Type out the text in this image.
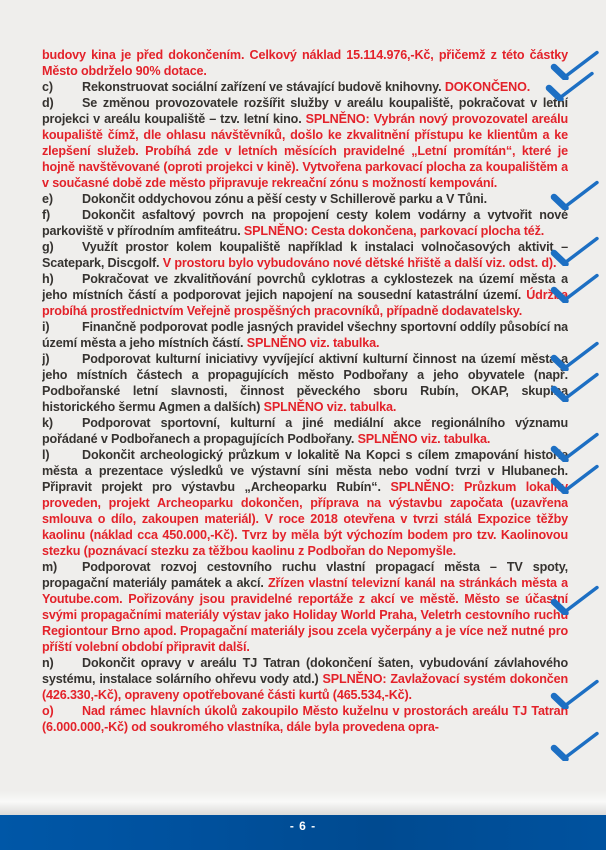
budovy kina je před dokončením. Celkový náklad 15.114.976,-Kč, přičemž z této částky Město obdrželo 90% dotace.

c) Rekonstruovat sociální zařízení ve stávající budově knihovny. DOKONČENO.

d) Se změnou provozovatele rozšířit služby v areálu koupaliště, pokračovat v letní projekci v areálu koupaliště – tzv. letní kino. SPLNĚNO: Vybrán nový provozovatel areálu koupaliště čímž, dle ohlasu návštěvníků, došlo ke zkvalitnění přístupu ke klientům a ke zlepšení služeb. Probíhá zde v letních měsících pravidelné „Letní promítán“, které je hojně navštěvované (oproti projekci v kině). Vytvořena parkovací plocha za koupalištěm a v současné době zde město připravuje rekreační zónu s možností kempování.

e) Dokončit oddychovou zónu a pěší cesty v Schillerově parku a V Tůni.

f)	Dokončit asfaltový povrch na propojení cesty kolem vodárny a vytvořit nové parkoviště v přírodním amfiteátru. SPLNĚNO: Cesta dokončena, parkovací plocha též.

g) Využít prostor kolem koupaliště například k instalaci volnočasových aktivit – Scatepark, Discgolf. V prostoru bylo vybudováno nové dětské hřiště a další viz. odst. d).

h) Pokračovat ve zkvalitňování povrchů cyklotras a cyklostezek na území města a jeho místních částí a podporovat jejich napojení na sousední katastrální území. Údržba probíhá prostřednictvím Veřejně prospěšných pracovníků, případně dodavatelsky.

i)	Finančně podporovat podle jasných pravidel všechny sportovní oddíly působící na území města a jeho místních částí. SPLNĚNO viz. tabulka.

j)	Podporovat kulturní iniciativy vyvíjející aktivní kulturní činnost na území města a jeho místních částech a propagujících město Podbořany a jeho obyvatele (např. Podbořanské letní slavnosti, činnost pěveckého sboru Rubín, OKAP, skupina historického šermu Agmen a dalších) SPLNĚNO viz. tabulka.

k) Podporovat sportovní, kulturní a jiné mediální akce regionálního významu pořádané v Podbořanech a propagujících Podbořany. SPLNĚNO viz. tabulka.

l)	Dokončit archeologický průzkum v lokalitě Na Kopci s cílem zmapování historie města a prezentace výsledků ve výstavní síni města nebo vodní tvrzi v Hlubanech. Připravit projekt pro výstavbu „Archeoparku Rubín“. SPLNĚNO: Průzkum lokality proveden, projekt Archeoparku dokončen, příprava na výstavbu započata (uzavřena smlouva o dílo, zakoupen materiál). V roce 2018 otevřena v tvrzi stálá Expozice těžby kaolinu (náklad cca 450.000,-Kč). Tvrz by měla být výchozím bodem pro tzv. Kaolinovou stezku (poznávací stezku za těžbou kaolinu z Podbořan do Nepomyšle.

m) Podporovat rozvoj cestovního ruchu vlastní propagací města – TV spoty, propagační materiály památek a akcí. Zřízen vlastní televizní kanál na stránkách města a Youtube.com. Pořizovány jsou pravidelné reportáže z akcí ve městě. Město se účastní svými propagačními materiály výstav jako Holiday World Praha, Veletrh cestovního ruchu Regiontour Brno apod. Propagační materiály jsou zcela vyčerpány a je více než nutné pro příští volební období připravit další.

n) Dokončit opravy v areálu TJ Tatran (dokončení šaten, vybudování závlahového systému, instalace solárního ohřevu vody atd.) SPLNĚNO: Zavlažovací systém dokončen (426.330,-Kč), opraveny opotřebované části kurtů (465.534,-Kč).

o) Nad rámec hlavních úkolů zakoupilo Město kuželnu v prostorách areálu TJ Tatran (6.000.000,-Kč) od soukromého vlastníka, dále byla provedena opra-

- 6 -
